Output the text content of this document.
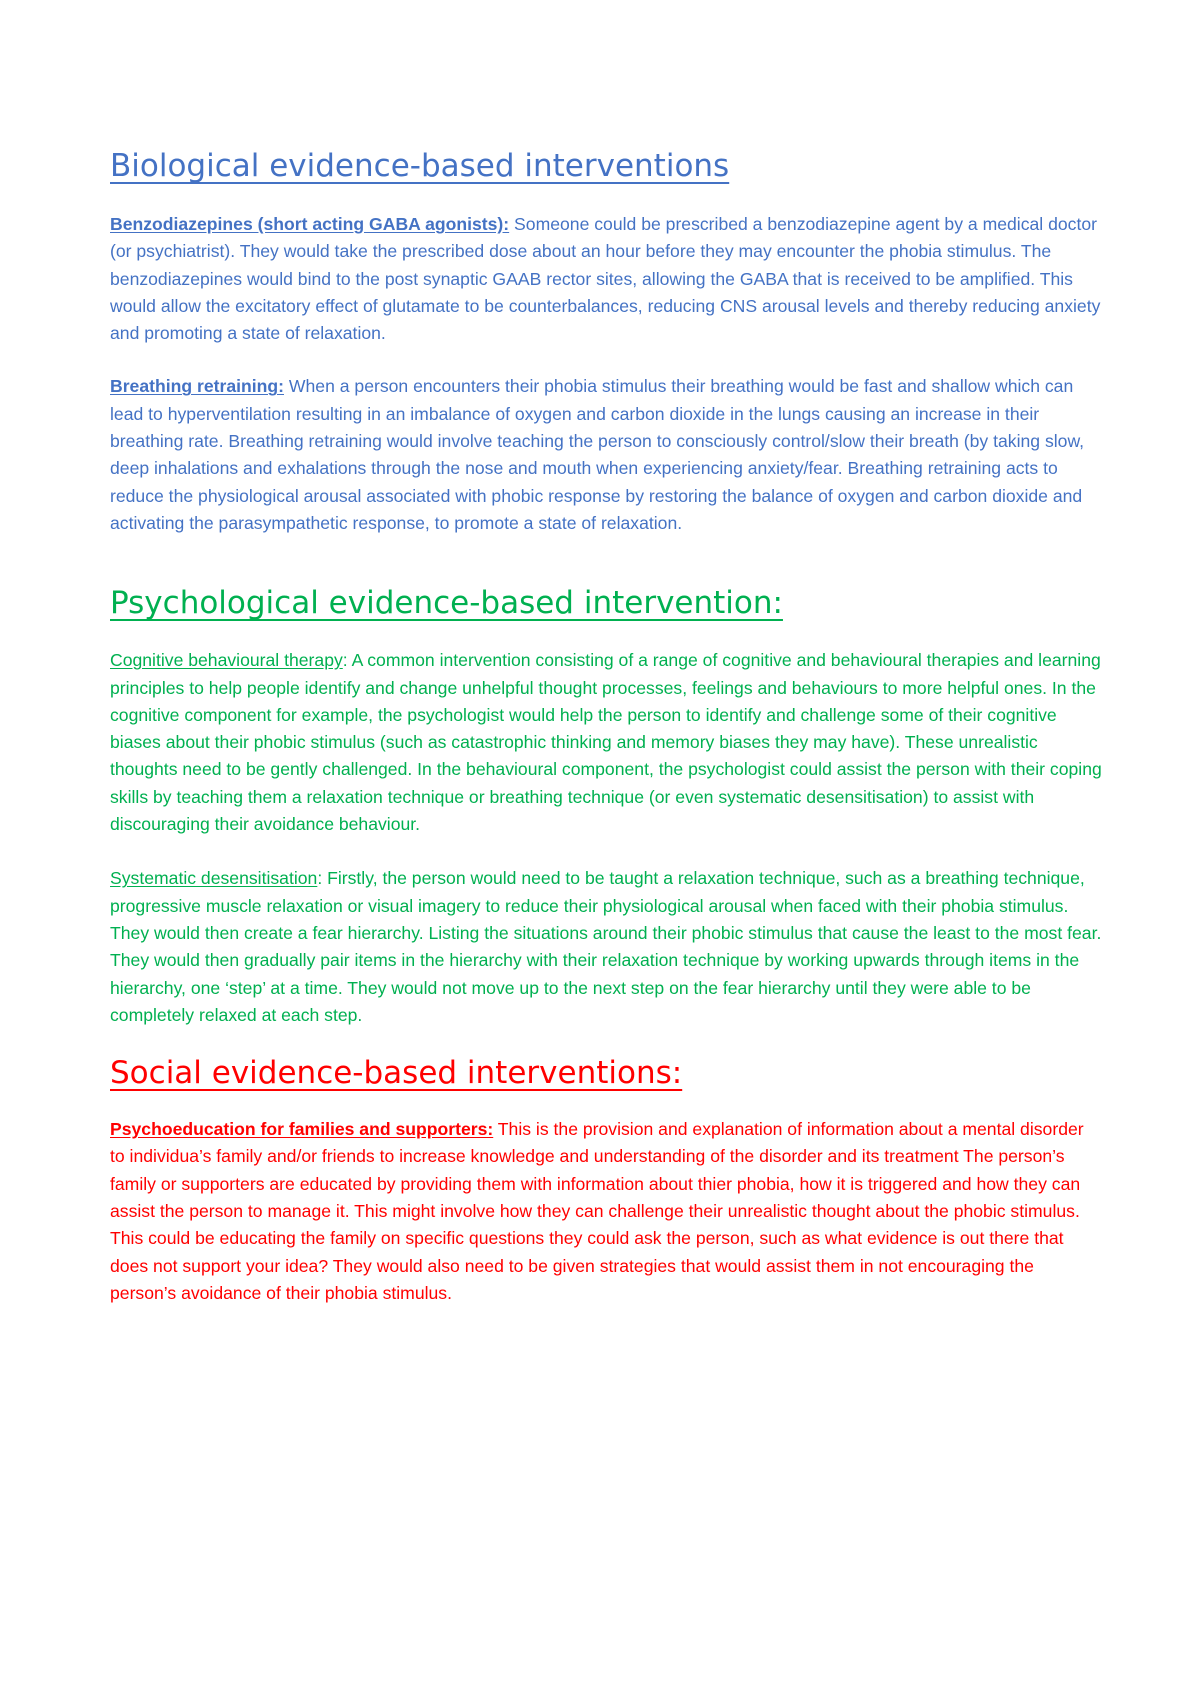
Biological evidence-based interventions

Benzodiazepines (short acting GABA agonists): Someone could be prescribed a benzodiazepine agent by a medical doctor (or psychiatrist). They would take the prescribed dose about an hour before they may encounter the phobia stimulus. The benzodiazepines would bind to the post synaptic GAAB rector sites, allowing the GABA that is received to be amplified. This would allow the excitatory effect of glutamate to be counterbalances, reducing CNS arousal levels and thereby reducing anxiety and promoting a state of relaxation.

Breathing retraining: When a person encounters their phobia stimulus their breathing would be fast and shallow which can lead to hyperventilation resulting in an imbalance of oxygen and carbon dioxide in the lungs causing an increase in their breathing rate. Breathing retraining would involve teaching the person to consciously control/slow their breath (by taking slow, deep inhalations and exhalations through the nose and mouth when experiencing anxiety/fear. Breathing retraining acts to reduce the physiological arousal associated with phobic response by restoring the balance of oxygen and carbon dioxide and activating the parasympathetic response, to promote a state of relaxation.

Psychological evidence-based intervention:

Cognitive behavioural therapy: A common intervention consisting of a range of cognitive and behavioural therapies and learning principles to help people identify and change unhelpful thought processes, feelings and behaviours to more helpful ones. In the cognitive component for example, the psychologist would help the person to identify and challenge some of their cognitive biases about their phobic stimulus (such as catastrophic thinking and memory biases they may have). These unrealistic thoughts need to be gently challenged. In the behavioural component, the psychologist could assist the person with their coping skills by teaching them a relaxation technique or breathing technique (or even systematic desensitisation) to assist with discouraging their avoidance behaviour.

Systematic desensitisation: Firstly, the person would need to be taught a relaxation technique, such as a breathing technique, progressive muscle relaxation or visual imagery to reduce their physiological arousal when faced with their phobia stimulus. They would then create a fear hierarchy. Listing the situations around their phobic stimulus that cause the least to the most fear. They would then gradually pair items in the hierarchy with their relaxation technique by working upwards through items in the hierarchy, one ‘step’ at a time. They would not move up to the next step on the fear hierarchy until they were able to be completely relaxed at each step.

Social evidence-based interventions:

Psychoeducation for families and supporters: This is the provision and explanation of information about a mental disorder to individua’s family and/or friends to increase knowledge and understanding of the disorder and its treatment The person’s family or supporters are educated by providing them with information about thier phobia, how it is triggered and how they can assist the person to manage it. This might involve how they can challenge their unrealistic thought about the phobic stimulus. This could be educating the family on specific questions they could ask the person, such as what evidence is out there that does not support your idea? They would also need to be given strategies that would assist them in not encouraging the person’s avoidance of their phobia stimulus.
